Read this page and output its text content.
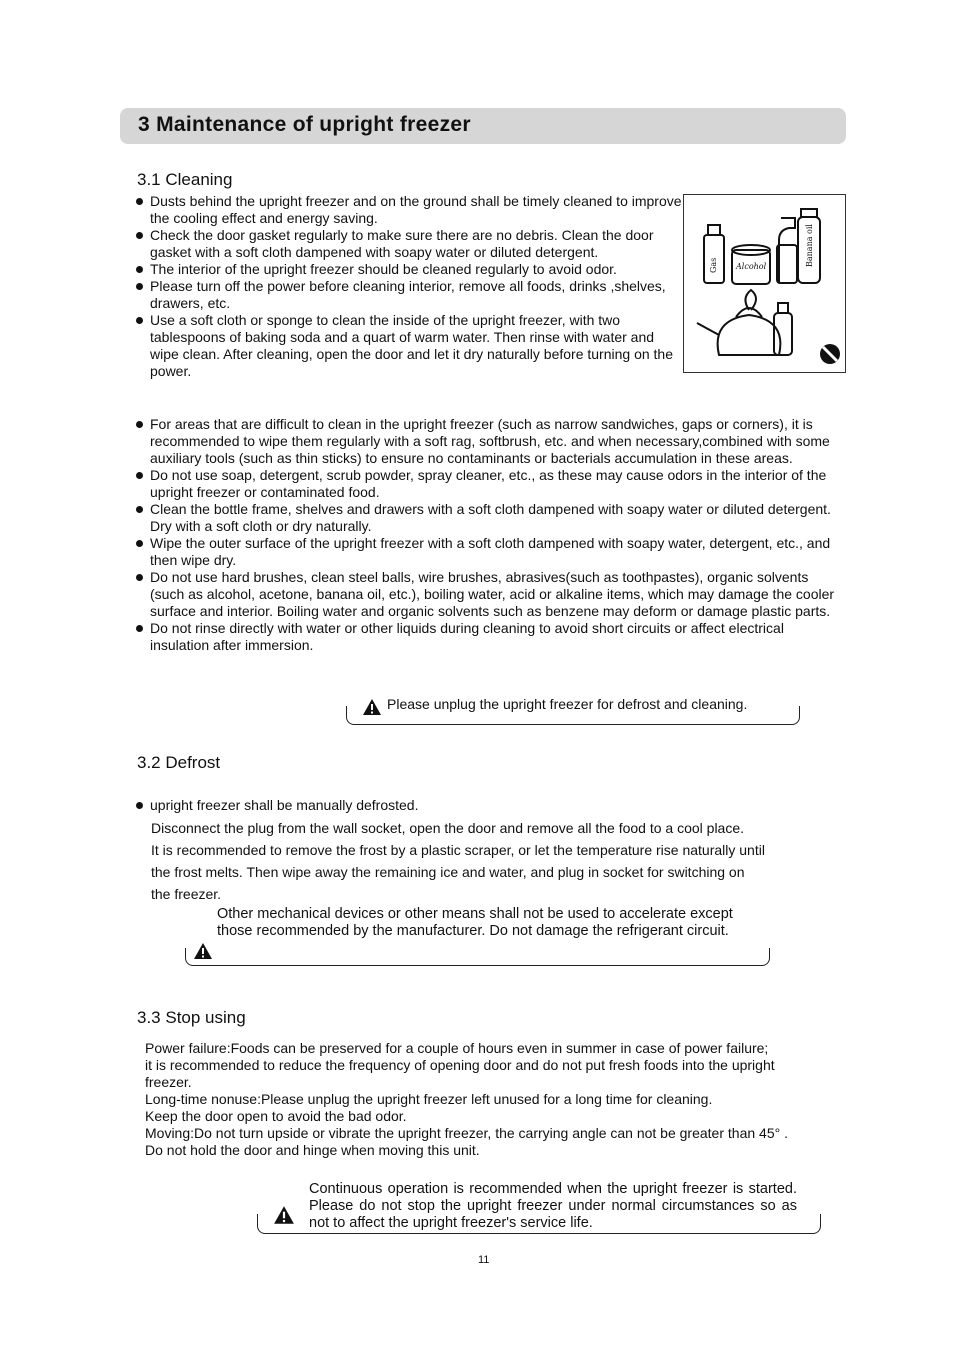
3 Maintenance of upright freezer
3.1 Cleaning
Dusts behind the upright freezer and on the ground shall be timely cleaned to improve the cooling effect and energy saving.
Check the door gasket regularly to make sure there are no debris. Clean the door gasket with a soft cloth dampened with soapy water or diluted detergent.
The interior of the upright freezer should be cleaned regularly to avoid odor.
Please turn off the power before cleaning interior, remove all foods, drinks ,shelves, drawers, etc.
Use a soft cloth or sponge to clean the inside of the upright freezer, with two tablespoons of baking soda and a quart of warm water. Then rinse with water and wipe clean. After cleaning, open the door and let it dry naturally before turning on the power.
For areas that are difficult to clean in the upright freezer (such as narrow sandwiches, gaps or corners), it is recommended to wipe them regularly with a soft rag, softbrush, etc. and when necessary,combined with some auxiliary tools (such as thin sticks) to ensure no contaminants or bacterials accumulation in these areas.
Do not use soap, detergent, scrub powder, spray cleaner, etc., as these may cause odors in the interior of the upright freezer or contaminated food.
Clean the bottle frame, shelves and drawers with a soft cloth dampened with soapy water or diluted detergent. Dry with a soft cloth or dry naturally.
Wipe the outer surface of the upright freezer with a soft cloth dampened with soapy water, detergent, etc., and then wipe dry.
Do not use hard brushes, clean steel balls, wire brushes, abrasives(such as toothpastes), organic solvents (such as alcohol, acetone, banana oil, etc.), boiling water, acid or alkaline items, which may damage the cooler surface and interior. Boiling water and organic solvents such as benzene may deform or damage plastic parts.
Do not rinse directly with water or other liquids during cleaning to avoid short circuits or affect electrical insulation after immersion.
Gas Alcohol	Banana oil
Please unplug the upright freezer for defrost and cleaning.
3.2 Defrost
upright freezer shall be manually defrosted.

Disconnect the plug from the wall socket, open the door and remove all the food to a cool place.

It is recommended to remove the frost by a plastic scraper, or let the temperature rise naturally until

the frost melts. Then wipe away the remaining ice and water, and plug in socket for switching on

the freezer.

Other mechanical devices or other means shall not be used to accelerate except those recommended by the manufacturer. Do not damage the refrigerant circuit.
3.3 Stop using

Power failure:Foods can be preserved for a couple of hours even in summer in case of power failure;

it is recommended to reduce the frequency of opening door and do not put fresh foods into the upright

freezer.

Long-time nonuse:Please unplug the upright freezer left unused for a long time for cleaning.

Keep the door open to avoid the bad odor.

Moving:Do not turn upside or vibrate the upright freezer, the carrying angle can not be greater than 45° .

Do not hold the door and hinge when moving this unit.

Continuous operation is recommended when the upright freezer is started. Please do not stop the upright freezer under normal circumstances so as not to affect the upright freezer's service life.
11
